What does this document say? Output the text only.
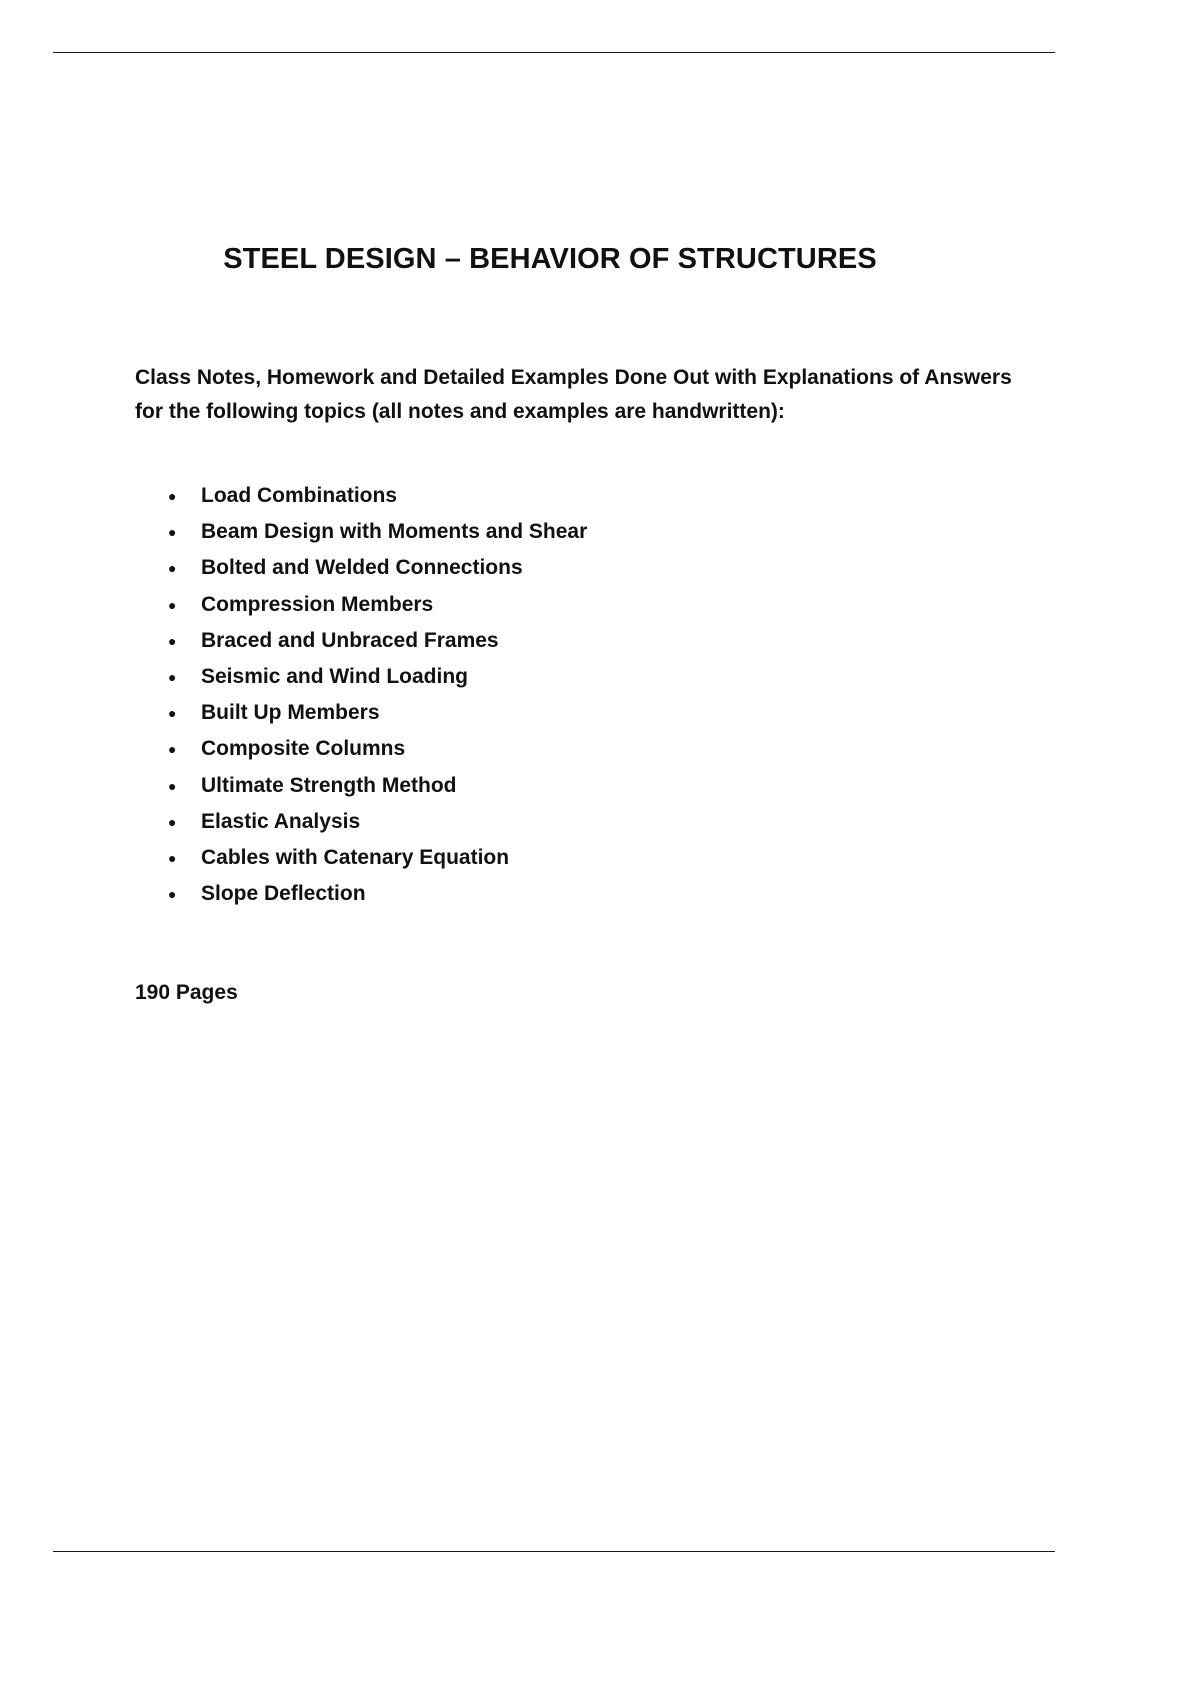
STEEL DESIGN – BEHAVIOR OF STRUCTURES

Class Notes, Homework and Detailed Examples Done Out with Explanations of Answers for the following topics (all notes and examples are handwritten):

●	Load Combinations
●	Beam Design with Moments and Shear
●	Bolted and Welded Connections
●	Compression Members
●	Braced and Unbraced Frames
●	Seismic and Wind Loading
●	Built Up Members
●	Composite Columns
●	Ultimate Strength Method
●	Elastic Analysis
●	Cables with Catenary Equation
●	Slope Deflection

190 Pages
